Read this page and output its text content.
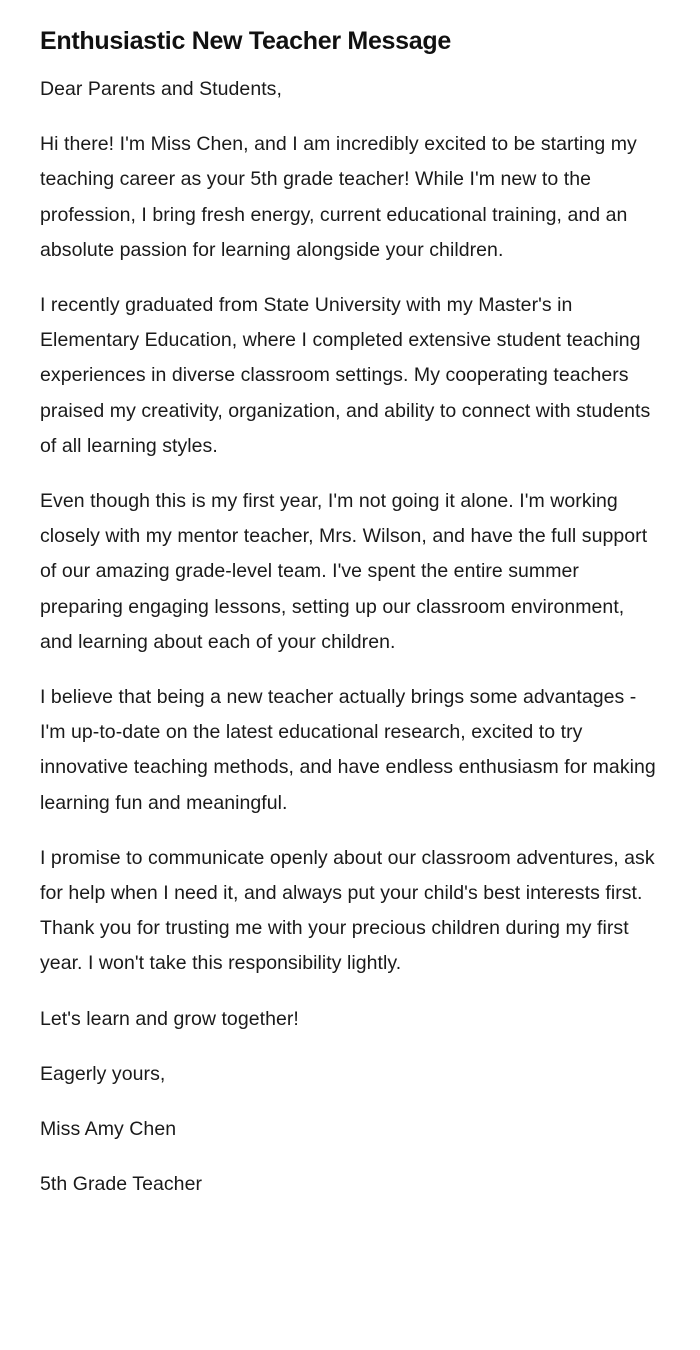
Enthusiastic New Teacher Message

Dear Parents and Students,

Hi there! I'm Miss Chen, and I am incredibly excited to be starting my teaching career as your 5th grade teacher! While I'm new to the profession, I bring fresh energy, current educational training, and an absolute passion for learning alongside your children.

I recently graduated from State University with my Master's in Elementary Education, where I completed extensive student teaching experiences in diverse classroom settings. My cooperating teachers praised my creativity, organization, and ability to connect with students of all learning styles.

Even though this is my first year, I'm not going it alone. I'm working closely with my mentor teacher, Mrs. Wilson, and have the full support of our amazing grade-level team. I've spent the entire summer preparing engaging lessons, setting up our classroom environment, and learning about each of your children.

I believe that being a new teacher actually brings some advantages - I'm up-to-date on the latest educational research, excited to try innovative teaching methods, and have endless enthusiasm for making learning fun and meaningful.

I promise to communicate openly about our classroom adventures, ask for help when I need it, and always put your child's best interests first. Thank you for trusting me with your precious children during my first year. I won't take this responsibility lightly.

Let's learn and grow together!

Eagerly yours,

Miss Amy Chen

5th Grade Teacher
